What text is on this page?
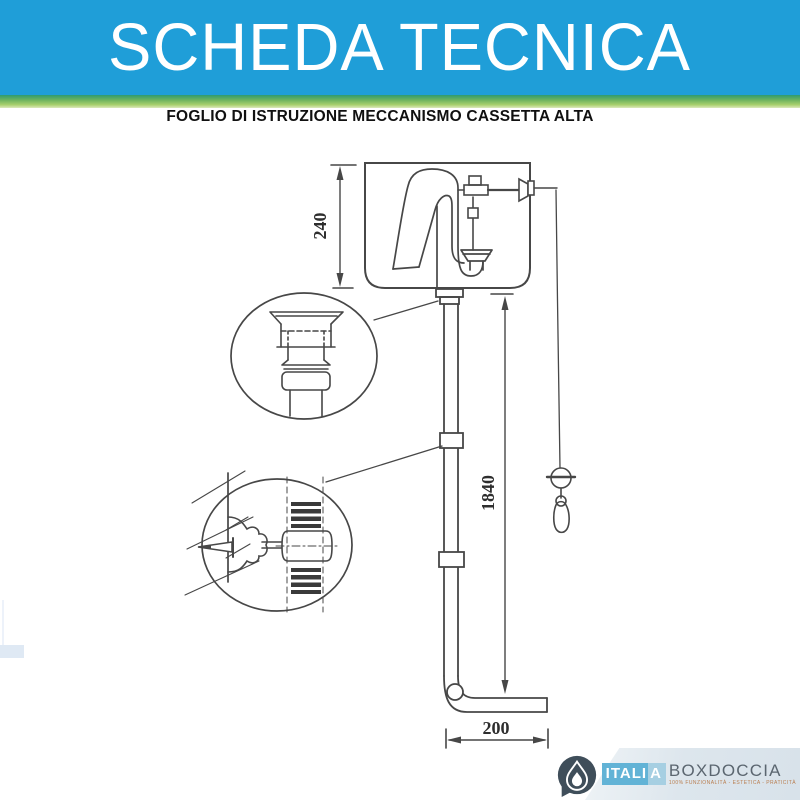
SCHEDA TECNICA
FOGLIO DI ISTRUZIONE MECCANISMO CASSETTA ALTA
240
1840
200
ITALI A BOXDOCCIA
100% FUNZIONALITÀ - ESTETICA - PRATICITÀ
